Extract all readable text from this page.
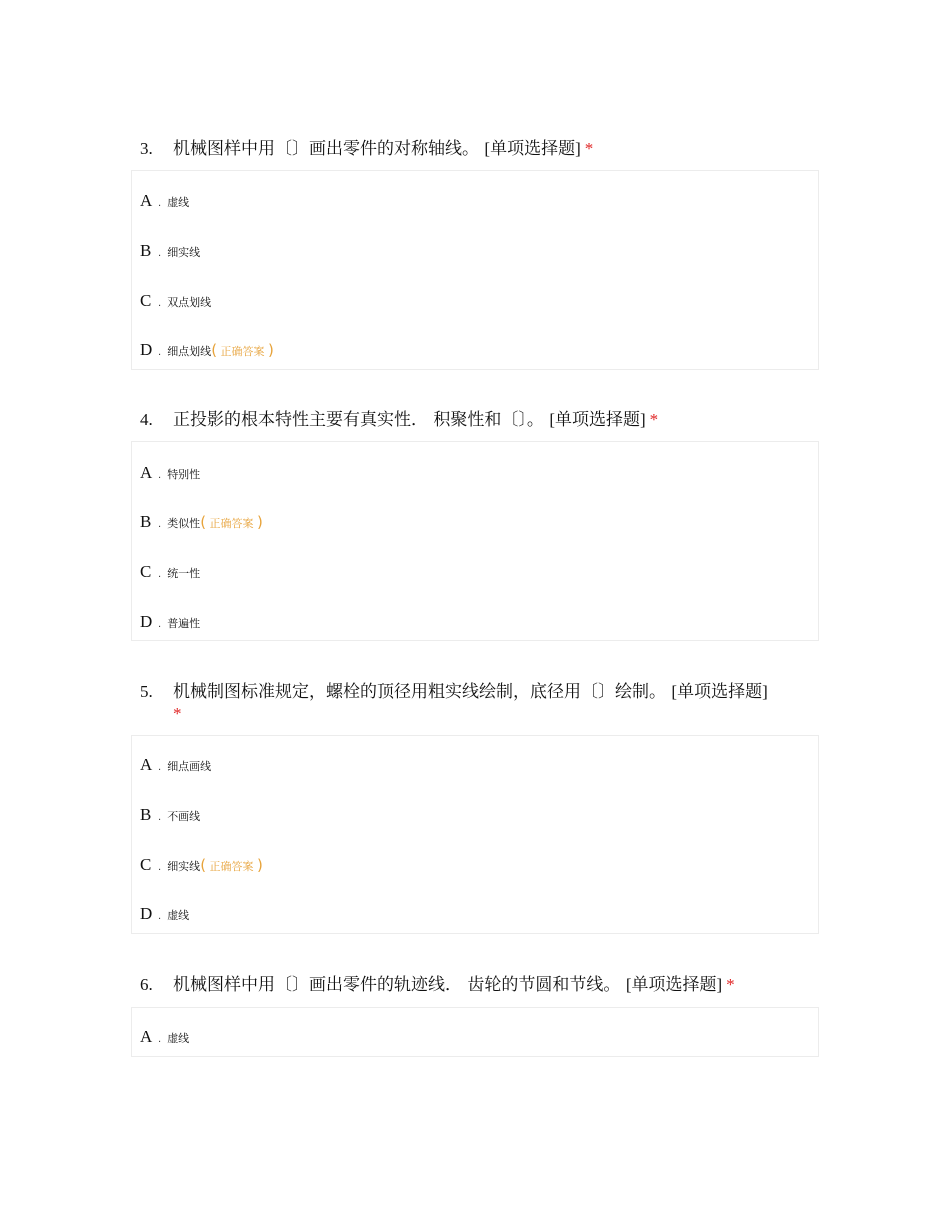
3.	机械图样中用〔〕画出零件的对称轴线。 [单项选择题] *
A . 虚线
B . 细实线
C . 双点划线
D . 细点划线( 正确答案 )
4.	正投影的根本特性主要有真实性． 积聚性和〔〕。 [单项选择题] *
A . 特别性
B . 类似性( 正确答案 )
C . 统一性
D . 普遍性
5.	机械制图标准规定，螺栓的顶径用粗实线绘制，底径用〔〕绘制。 [单项选择题]
*
A . 细点画线
B . 不画线
C . 细实线( 正确答案 )
D . 虚线
6.	机械图样中用〔〕画出零件的轨迹线． 齿轮的节圆和节线。 [单项选择题] *
A . 虚线
